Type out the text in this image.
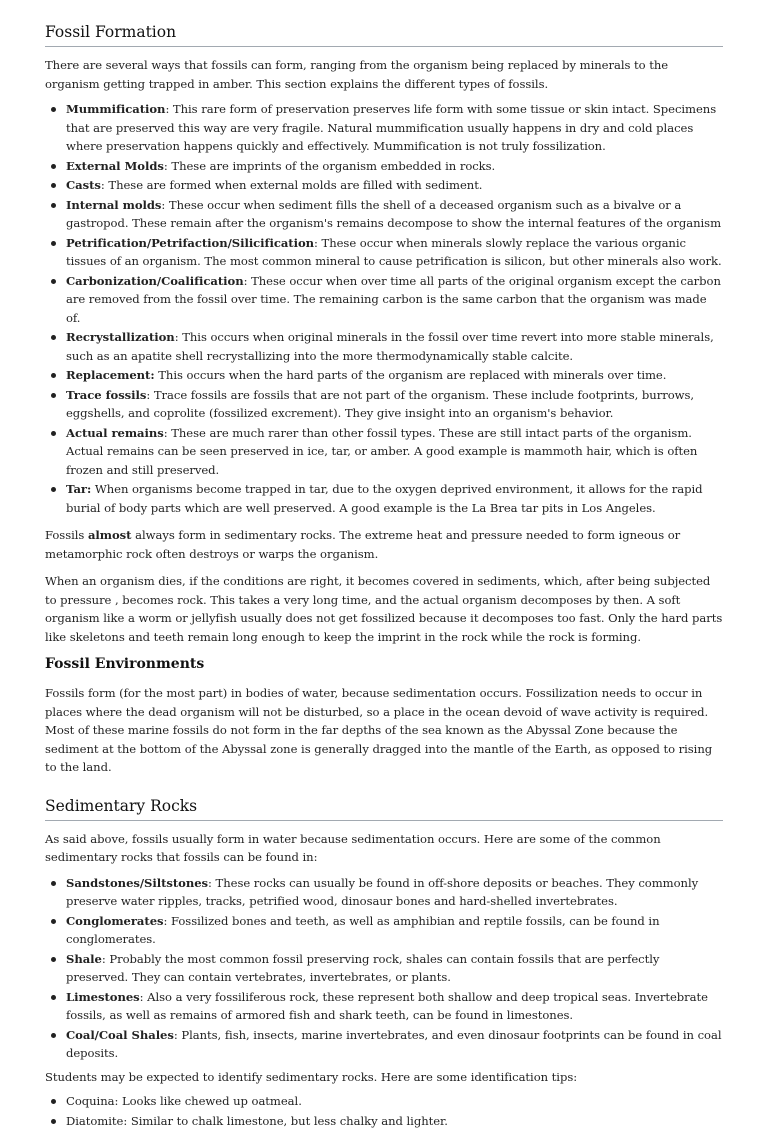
Fossil Formation

There are several ways that fossils can form, ranging from the organism being replaced by minerals to the organism getting trapped in amber. This section explains the different types of fossils.

Mummification: This rare form of preservation preserves life form with some tissue or skin intact. Specimens that are preserved this way are very fragile. Natural mummification usually happens in dry and cold places where preservation happens quickly and effectively. Mummification is not truly fossilization.
External Molds: These are imprints of the organism embedded in rocks.
Casts: These are formed when external molds are filled with sediment.
Internal molds: These occur when sediment fills the shell of a deceased organism such as a bivalve or a gastropod. These remain after the organism's remains decompose to show the internal features of the organism
Petrification/Petrifaction/Silicification: These occur when minerals slowly replace the various organic tissues of an organism. The most common mineral to cause petrification is silicon, but other minerals also work.
Carbonization/Coalification: These occur when over time all parts of the original organism except the carbon are removed from the fossil over time. The remaining carbon is the same carbon that the organism was made of.
Recrystallization: This occurs when original minerals in the fossil over time revert into more stable minerals, such as an apatite shell recrystallizing into the more thermodynamically stable calcite.
Replacement: This occurs when the hard parts of the organism are replaced with minerals over time.
Trace fossils: Trace fossils are fossils that are not part of the organism. These include footprints, burrows, eggshells, and coprolite (fossilized excrement). They give insight into an organism's behavior.
Actual remains: These are much rarer than other fossil types. These are still intact parts of the organism. Actual remains can be seen preserved in ice, tar, or amber. A good example is mammoth hair, which is often frozen and still preserved.
Tar: When organisms become trapped in tar, due to the oxygen deprived environment, it allows for the rapid burial of body parts which are well preserved. A good example is the La Brea tar pits in Los Angeles.

Fossils almost always form in sedimentary rocks. The extreme heat and pressure needed to form igneous or metamorphic rock often destroys or warps the organism.

When an organism dies, if the conditions are right, it becomes covered in sediments, which, after being subjected to pressure , becomes rock. This takes a very long time, and the actual organism decomposes by then. A soft organism like a worm or jellyfish usually does not get fossilized because it decomposes too fast. Only the hard parts like skeletons and teeth remain long enough to keep the imprint in the rock while the rock is forming.

Fossil Environments

Fossils form (for the most part) in bodies of water, because sedimentation occurs. Fossilization needs to occur in places where the dead organism will not be disturbed, so a place in the ocean devoid of wave activity is required. Most of these marine fossils do not form in the far depths of the sea known as the Abyssal Zone because the sediment at the bottom of the Abyssal zone is generally dragged into the mantle of the Earth, as opposed to rising to the land.

Sedimentary Rocks

As said above, fossils usually form in water because sedimentation occurs. Here are some of the common sedimentary rocks that fossils can be found in:

Sandstones/Siltstones: These rocks can usually be found in off-shore deposits or beaches. They commonly preserve water ripples, tracks, petrified wood, dinosaur bones and hard-shelled invertebrates.
Conglomerates: Fossilized bones and teeth, as well as amphibian and reptile fossils, can be found in conglomerates.
Shale: Probably the most common fossil preserving rock, shales can contain fossils that are perfectly preserved. They can contain vertebrates, invertebrates, or plants.
Limestones: Also a very fossiliferous rock, these represent both shallow and deep tropical seas. Invertebrate fossils, as well as remains of armored fish and shark teeth, can be found in limestones.
Coal/Coal Shales: Plants, fish, insects, marine invertebrates, and even dinosaur footprints can be found in coal deposits.

Students may be expected to identify sedimentary rocks. Here are some identification tips:

Coquina: Looks like chewed up oatmeal.
Diatomite: Similar to chalk limestone, but less chalky and lighter.
